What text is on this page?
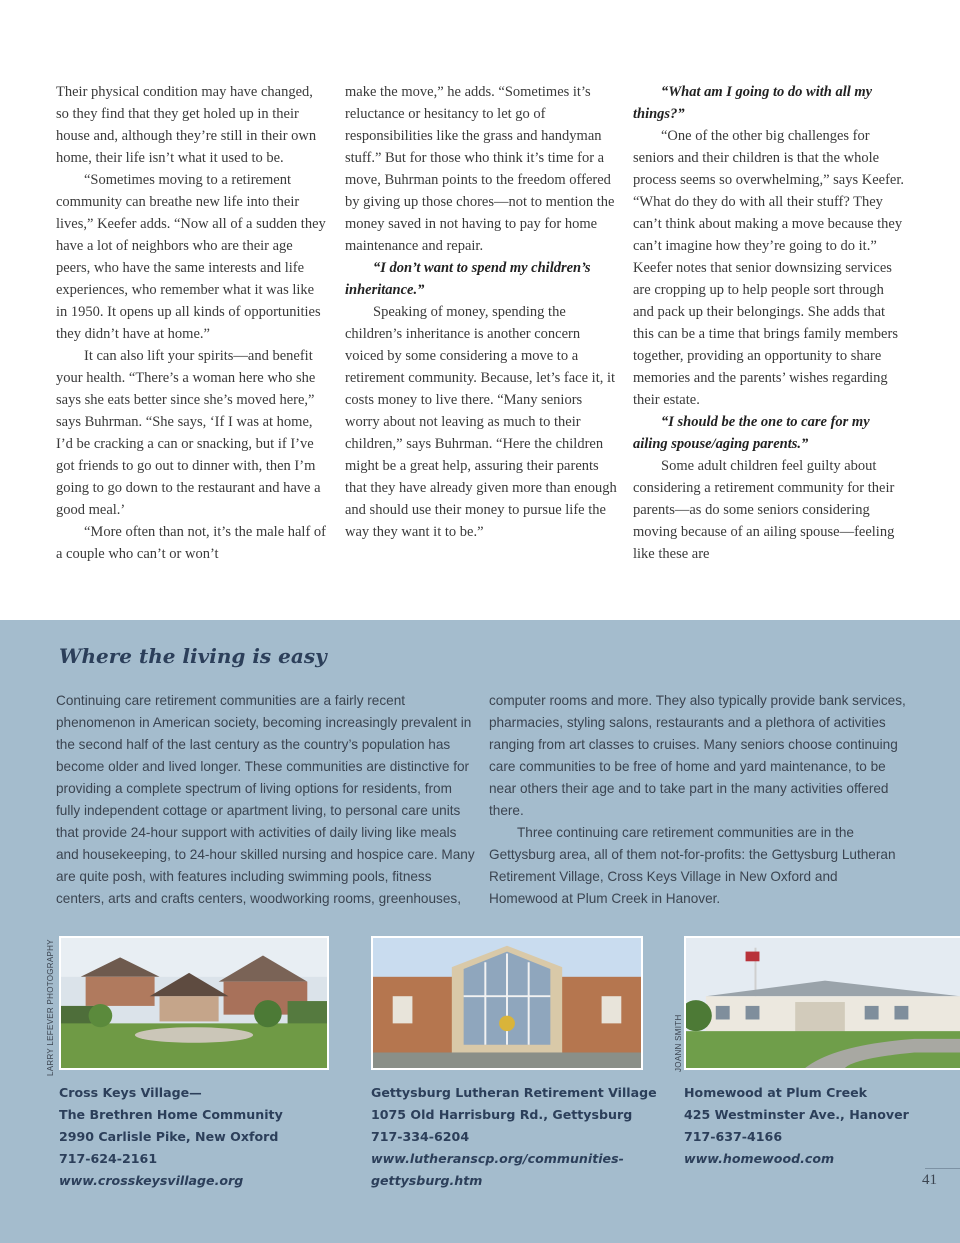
Their physical condition may have changed, so they find that they get holed up in their house and, although they’re still in their own home, their life isn’t what it used to be.

“Sometimes moving to a retirement community can breathe new life into their lives,” Keefer adds. “Now all of a sudden they have a lot of neighbors who are their age peers, who have the same interests and life experiences, who remember what it was like in 1950. It opens up all kinds of opportunities they didn’t have at home.”

It can also lift your spirits—and benefit your health. “There’s a woman here who she says she eats better since she’s moved here,” says Buhrman. “She says, ‘If I was at home, I’d be cracking a can or snacking, but if I’ve got friends to go out to dinner with, then I’m going to go down to the restaurant and have a good meal.’

“More often than not, it’s the male half of a couple who can’t or won’t

make the move,” he adds. “Sometimes it’s reluctance or hesitancy to let go of responsibilities like the grass and handyman stuff.” But for those who think it’s time for a move, Buhrman points to the freedom offered by giving up those chores—not to mention the money saved in not having to pay for home maintenance and repair.

“I don’t want to spend my children’s inheritance.”

Speaking of money, spending the children’s inheritance is another concern voiced by some considering a move to a retirement community. Because, let’s face it, it costs money to live there. “Many seniors worry about not leaving as much to their children,” says Buhrman. “Here the children might be a great help, assuring their parents that they have already given more than enough and should use their money to pursue life the way they want it to be.”

“What am I going to do with all my things?”

“One of the other big challenges for seniors and their children is that the whole process seems so overwhelming,” says Keefer. “What do they do with all their stuff? They can’t think about making a move because they can’t imagine how they’re going to do it.” Keefer notes that senior downsizing services are cropping up to help people sort through and pack up their belongings. She adds that this can be a time that brings family members together, providing an opportunity to share memories and the parents’ wishes regarding their estate.

“I should be the one to care for my ailing spouse/aging parents.”

Some adult children feel guilty about considering a retirement community for their parents—as do some seniors considering moving because of an ailing spouse—feeling like these are

Where the living is easy

Continuing care retirement communities are a fairly recent phenomenon in American society, becoming increasingly prevalent in the second half of the last century as the country’s population has become older and lived longer. These communities are distinctive for providing a complete spectrum of living options for residents, from fully independent cottage or apartment living, to personal care units that provide 24-hour support with activities of daily living like meals and housekeeping, to 24-hour skilled nursing and hospice care. Many are quite posh, with features including swimming pools, fitness centers, arts and crafts centers, woodworking rooms, greenhouses,

computer rooms and more. They also typically provide bank services, pharmacies, styling salons, restaurants and a plethora of activities ranging from art classes to cruises. Many seniors choose continuing care communities to be free of home and yard maintenance, to be near others their age and to take part in the many activities offered there.

Three continuing care retirement communities are in the Gettysburg area, all of them not-for-profits: the Gettysburg Lutheran Retirement Village, Cross Keys Village in New Oxford and Homewood at Plum Creek in Hanover.

LARRY LEFEVER PHOTOGRAPHY	JOANN SMITH
Cross Keys Village—
The Brethren Home Community
2990 Carlisle Pike, New Oxford
717-624-2161
www.crosskeysvillage.org
Gettysburg Lutheran Retirement Village
1075 Old Harrisburg Rd., Gettysburg
717-334-6204
www.lutheranscp.org/communities-
gettysburg.htm
Homewood at Plum Creek
425 Westminster Ave., Hanover
717-637-4166
www.homewood.com
41
